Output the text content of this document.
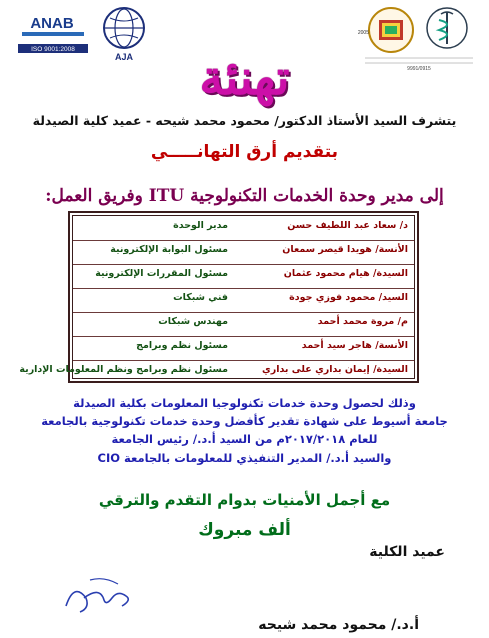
ANAB
ISO 9001:2008
AJA
2005
9991/0915
تهنئة
يتشرف السيد الأستاذ الدكتور/ محمود محمد شيحه - عميد كلية الصيدلة
بتقديم أرق التهانـــــي
إلى مدير وحدة الخدمات التكنولوجية ITU وفريق العمل:
د/ سعاد عبد اللطيف حسن
مدير الوحدة
الأنسة/ هويدا قيصر سمعان
مسئول البوابة الإلكترونية
السيدة/ هيام محمود عثمان
مسئول المقررات الإلكترونية
السيد/ محمود فوزي جودة
فني شبكات
م/ مروة محمد أحمد
مهندس شبكات
الأنسة/ هاجر سيد أحمد
مسئول نظم وبرامج
السيدة/ إيمان بداري على بداري
مسئول نظم وبرامج ونظم المعلومات الإدارية
وذلك لحصول وحدة خدمات تكنولوجيا المعلومات بكلية الصيدلة
جامعة أسيوط على شهادة تقدير كأفضل وحدة خدمات تكنولوجية بالجامعة
للعام ٢٠١٧/٢٠١٨م من السيد أ.د./ رئيس الجامعة
والسيد أ.د./ المدير التنفيذي للمعلومات بالجامعة CIO
مع أجمل الأمنيات بدوام التقدم والترقي
ألف مبروك
عميد الكلية
أ.د./ محمود محمد شيحه
